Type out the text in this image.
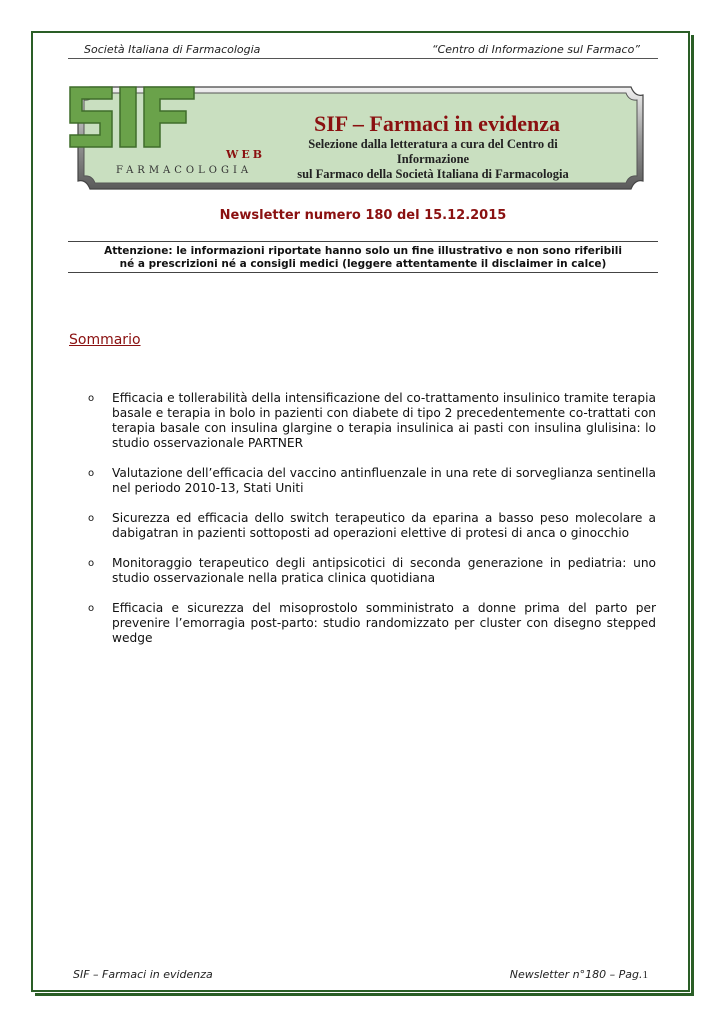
Società Italiana di Farmacologia	“Centro di Informazione sul Farmaco”
WEB
FARMACOLOGIA
SIF – Farmaci in evidenza
Selezione dalla letteratura a cura del Centro di Informazione
sul Farmaco della Società Italiana di Farmacologia
Newsletter numero 180 del 15.12.2015
Attenzione: le informazioni riportate hanno solo un fine illustrativo e non sono riferibili
né a prescrizioni né a consigli medici (leggere attentamente il disclaimer in calce)
Sommario
o Efficacia e tollerabilità della intensificazione del co-trattamento insulinico tramite terapia basale e terapia in bolo in pazienti con diabete di tipo 2 precedentemente co-trattati con terapia basale con insulina glargine o terapia insulinica ai pasti con insulina glulisina: lo studio osservazionale PARTNER
o Valutazione dell’efficacia del vaccino antinfluenzale in una rete di sorveglianza sentinella nel periodo 2010-13, Stati Uniti
o Sicurezza ed efficacia dello switch terapeutico da eparina a basso peso molecolare a dabigatran in pazienti sottoposti ad operazioni elettive di protesi di anca o ginocchio
o Monitoraggio terapeutico degli antipsicotici di seconda generazione in pediatria: uno studio osservazionale nella pratica clinica quotidiana
o Efficacia e sicurezza del misoprostolo somministrato a donne prima del parto per prevenire l’emorragia post-parto: studio randomizzato per cluster con disegno stepped wedge
SIF – Farmaci in evidenza	Newsletter n°180 – Pag.1
